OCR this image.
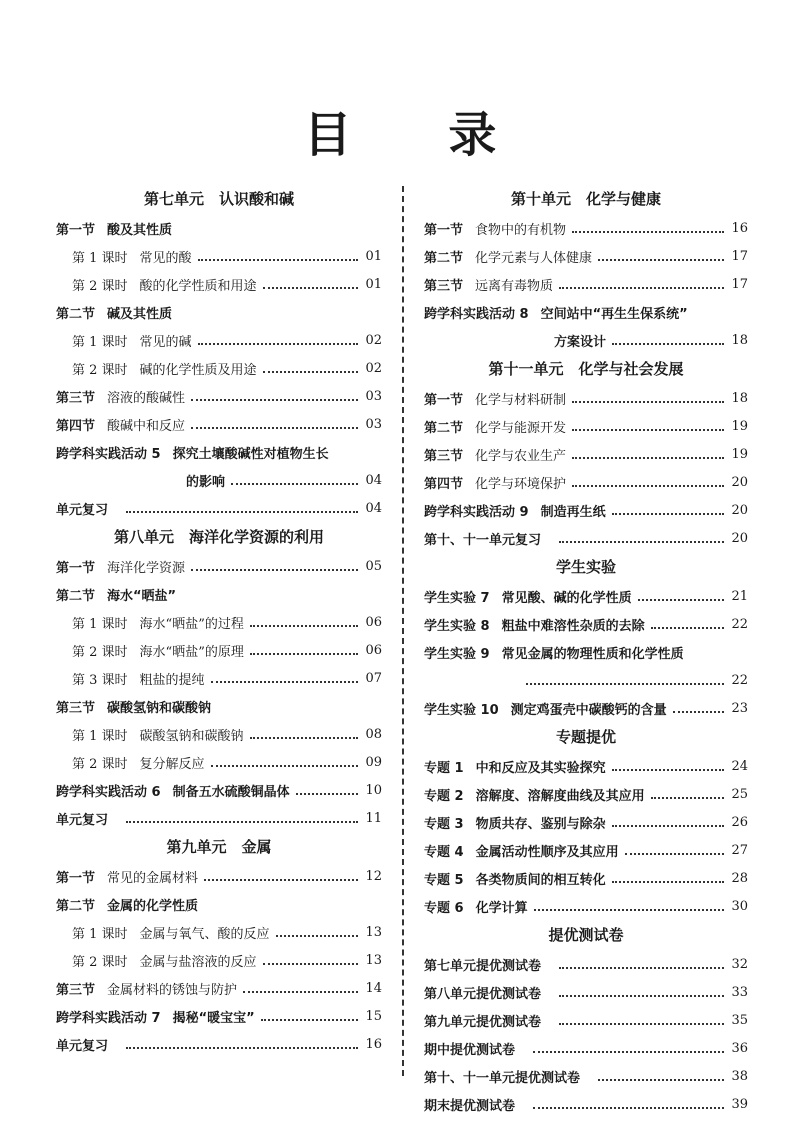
目 录
第七单元　认识酸和碱
第一节 酸及其性质
第 1 课时 常见的酸	01
第 2 课时 酸的化学性质和用途	01
第二节 碱及其性质
第 1 课时 常见的碱	02
第 2 课时 碱的化学性质及用途	02
第三节 溶液的酸碱性	03
第四节 酸碱中和反应	03
跨学科实践活动 5 探究土壤酸碱性对植物生长
的影响	04
单元复习	04
第八单元　海洋化学资源的利用
第一节 海洋化学资源	05
第二节 海水“晒盐”
第 1 课时 海水“晒盐”的过程	06
第 2 课时 海水“晒盐”的原理	06
第 3 课时 粗盐的提纯	07
第三节 碳酸氢钠和碳酸钠
第 1 课时 碳酸氢钠和碳酸钠	08
第 2 课时 复分解反应	09
跨学科实践活动 6 制备五水硫酸铜晶体	10
单元复习	11
第九单元　金属
第一节 常见的金属材料	12
第二节 金属的化学性质
第 1 课时 金属与氧气、酸的反应	13
第 2 课时 金属与盐溶液的反应	13
第三节 金属材料的锈蚀与防护	14
跨学科实践活动 7 揭秘“暖宝宝”	15
单元复习	16
第十单元　化学与健康
第一节 食物中的有机物	16
第二节 化学元素与人体健康	17
第三节 远离有毒物质	17
跨学科实践活动 8 空间站中“再生生保系统”
方案设计	18
第十一单元　化学与社会发展
第一节 化学与材料研制	18
第二节 化学与能源开发	19
第三节 化学与农业生产	19
第四节 化学与环境保护	20
跨学科实践活动 9 制造再生纸	20
第十、十一单元复习	20
学生实验
学生实验 7 常见酸、碱的化学性质	21
学生实验 8 粗盐中难溶性杂质的去除	22
学生实验 9 常见金属的物理性质和化学性质
22
学生实验 10 测定鸡蛋壳中碳酸钙的含量	23
专题提优
专题 1 中和反应及其实验探究	24
专题 2 溶解度、溶解度曲线及其应用	25
专题 3 物质共存、鉴别与除杂	26
专题 4 金属活动性顺序及其应用	27
专题 5 各类物质间的相互转化	28
专题 6 化学计算	30
提优测试卷
第七单元提优测试卷	32
第八单元提优测试卷	33
第九单元提优测试卷	35
期中提优测试卷	36
第十、十一单元提优测试卷	38
期末提优测试卷	39
